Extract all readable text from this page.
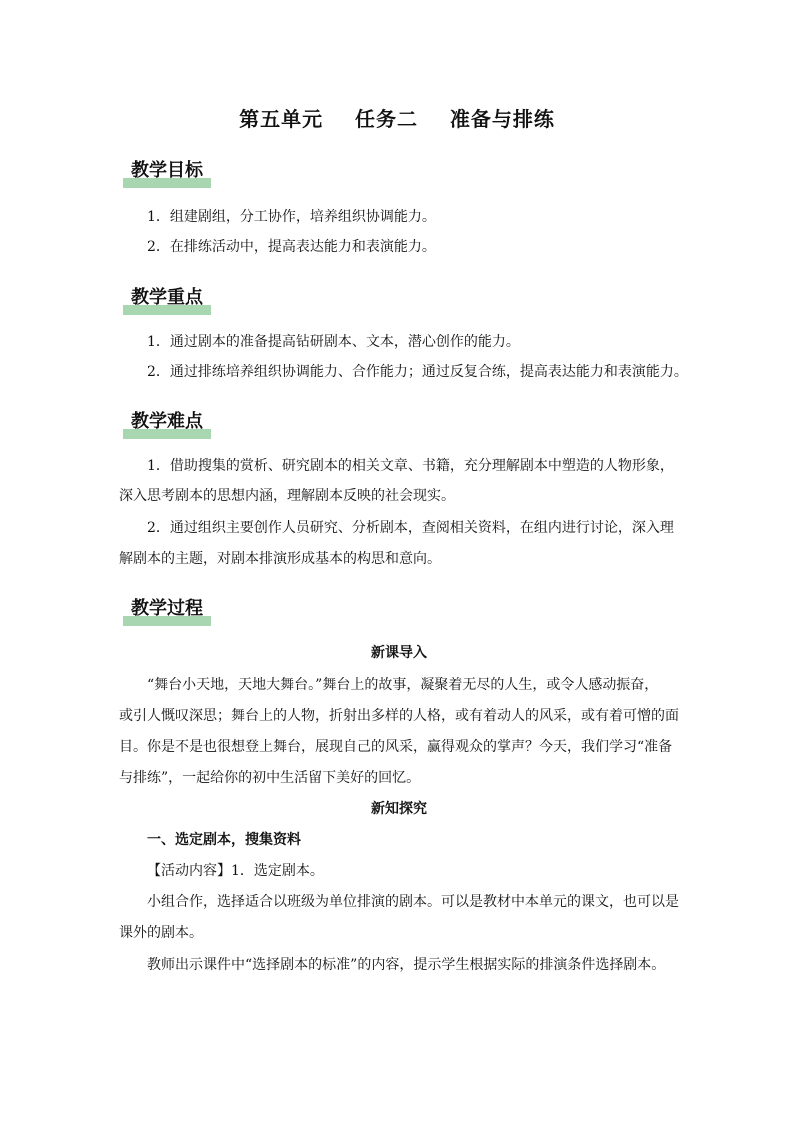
第五单元    任务二    准备与排练
教学目标

1．组建剧组，分工协作，培养组织协调能力。

2．在排练活动中，提高表达能力和表演能力。

教学重点

1．通过剧本的准备提高钻研剧本、文本，潜心创作的能力。

2．通过排练培养组织协调能力、合作能力；通过反复合练，提高表达能力和表演能力。

教学难点

1．借助搜集的赏析、研究剧本的相关文章、书籍，充分理解剧本中塑造的人物形象，

深入思考剧本的思想内涵，理解剧本反映的社会现实。

2．通过组织主要创作人员研究、分析剧本，查阅相关资料，在组内进行讨论，深入理

解剧本的主题，对剧本排演形成基本的构思和意向。

教学过程

新课导入

“舞台小天地，天地大舞台。”舞台上的故事，凝聚着无尽的人生，或令人感动振奋，

或引人慨叹深思；舞台上的人物，折射出多样的人格，或有着动人的风采，或有着可憎的面

目。你是不是也很想登上舞台，展现自己的风采，赢得观众的掌声？今天，我们学习“准备

与排练”，一起给你的初中生活留下美好的回忆。

新知探究

一、选定剧本，搜集资料

【活动内容】1．选定剧本。

小组合作，选择适合以班级为单位排演的剧本。可以是教材中本单元的课文，也可以是

课外的剧本。

教师出示课件中“选择剧本的标准”的内容，提示学生根据实际的排演条件选择剧本。
